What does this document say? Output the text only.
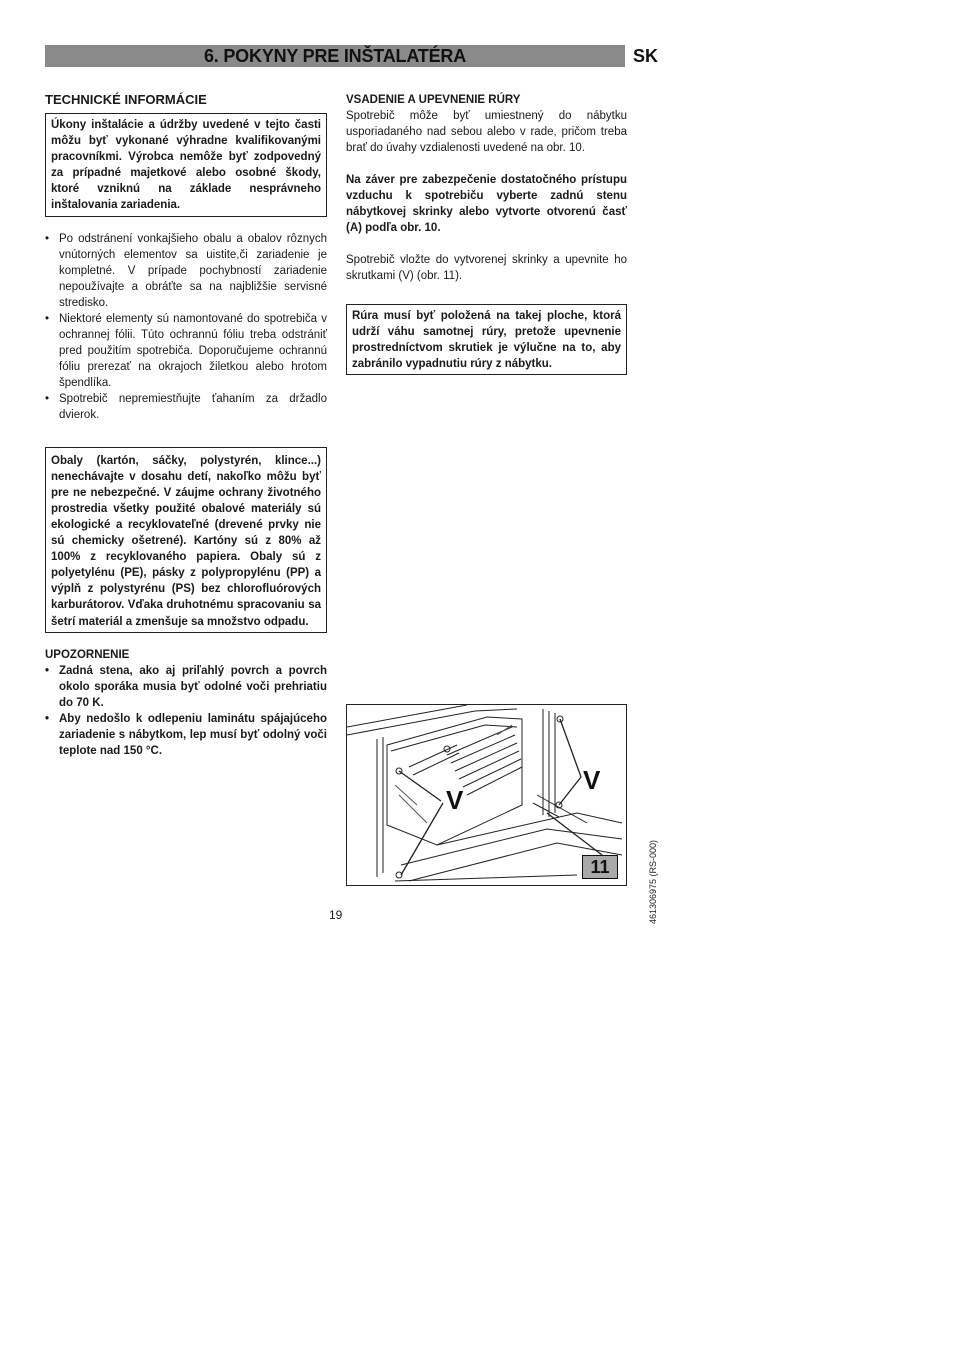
6. POKYNY PRE INŠTALATÉRA	SK
TECHNICKÉ INFORMÁCIE
Úkony inštalácie a údržby uvedené v tejto časti môžu byť vykonané výhradne kvalifikovanými pracovníkmi. Výrobca nemôže byť zodpovedný za prípadné majetkové alebo osobné škody, ktoré vzniknú na základe nesprávneho inštalovania zariadenia.
• Po odstránení vonkajšieho obalu a obalov rôznych vnútorných elementov sa uistite,či zariadenie je kompletné. V prípade pochybností zariadenie nepoužívajte a obráťte sa na najbližšie servisné stredisko.
• Niektoré elementy sú namontované do spotrebiča v ochrannej fólii. Túto ochrannú fóliu treba odstrániť pred použitím spotrebiča. Doporučujeme ochrannú fóliu prerezať na okrajoch žiletkou alebo hrotom špendlíka.
• Spotrebič nepremiestňujte ťahaním za držadlo dvierok.
Obaly (kartón, sáčky, polystyrén, klince...) nenechávajte v dosahu detí, nakoľko môžu byť pre ne nebezpečné. V záujme ochrany životného prostredia všetky použité obalové materiály sú ekologické a recyklovateľné (drevené prvky nie sú chemicky ošetrené). Kartóny sú z 80% až 100% z recyklovaného papiera. Obaly sú z polyetylénu (PE), pásky z polypropylénu (PP) a výplň z polystyrénu (PS) bez chlorofluórových karburátorov. Vďaka druhotnému spracovaniu sa šetrí materiál a zmenšuje sa množstvo odpadu.
UPOZORNENIE
• Zadná stena, ako aj priľahlý povrch a povrch okolo sporáka musia byť odolné voči prehriatiu do 70 K.
• Aby nedošlo k odlepeniu laminátu spájajúceho zariadenie s nábytkom, lep musí byť odolný voči teplote nad 150 °C.
VSADENIE A UPEVNENIE RÚRY

Spotrebič môže byť umiestnený do nábytku usporiadaného nad sebou alebo v rade, pričom treba brať do úvahy vzdialenosti uvedené na obr. 10.

Na záver pre zabezpečenie dostatočného prístupu vzduchu k spotrebiču vyberte zadnú stenu nábytkovej skrinky alebo vytvorte otvorenú časť (A) podľa obr. 10.

Spotrebič vložte do vytvorenej skrinky a upevnite ho skrutkami (V) (obr. 11).

Rúra musí byť položená na takej ploche, ktorá udrží váhu samotnej rúry, pretože upevnenie prostredníctvom skrutiek je výlučne na to, aby zabránilo vypadnutiu rúry z nábytku.
V
V
11
19	461306975 (RS-000)
